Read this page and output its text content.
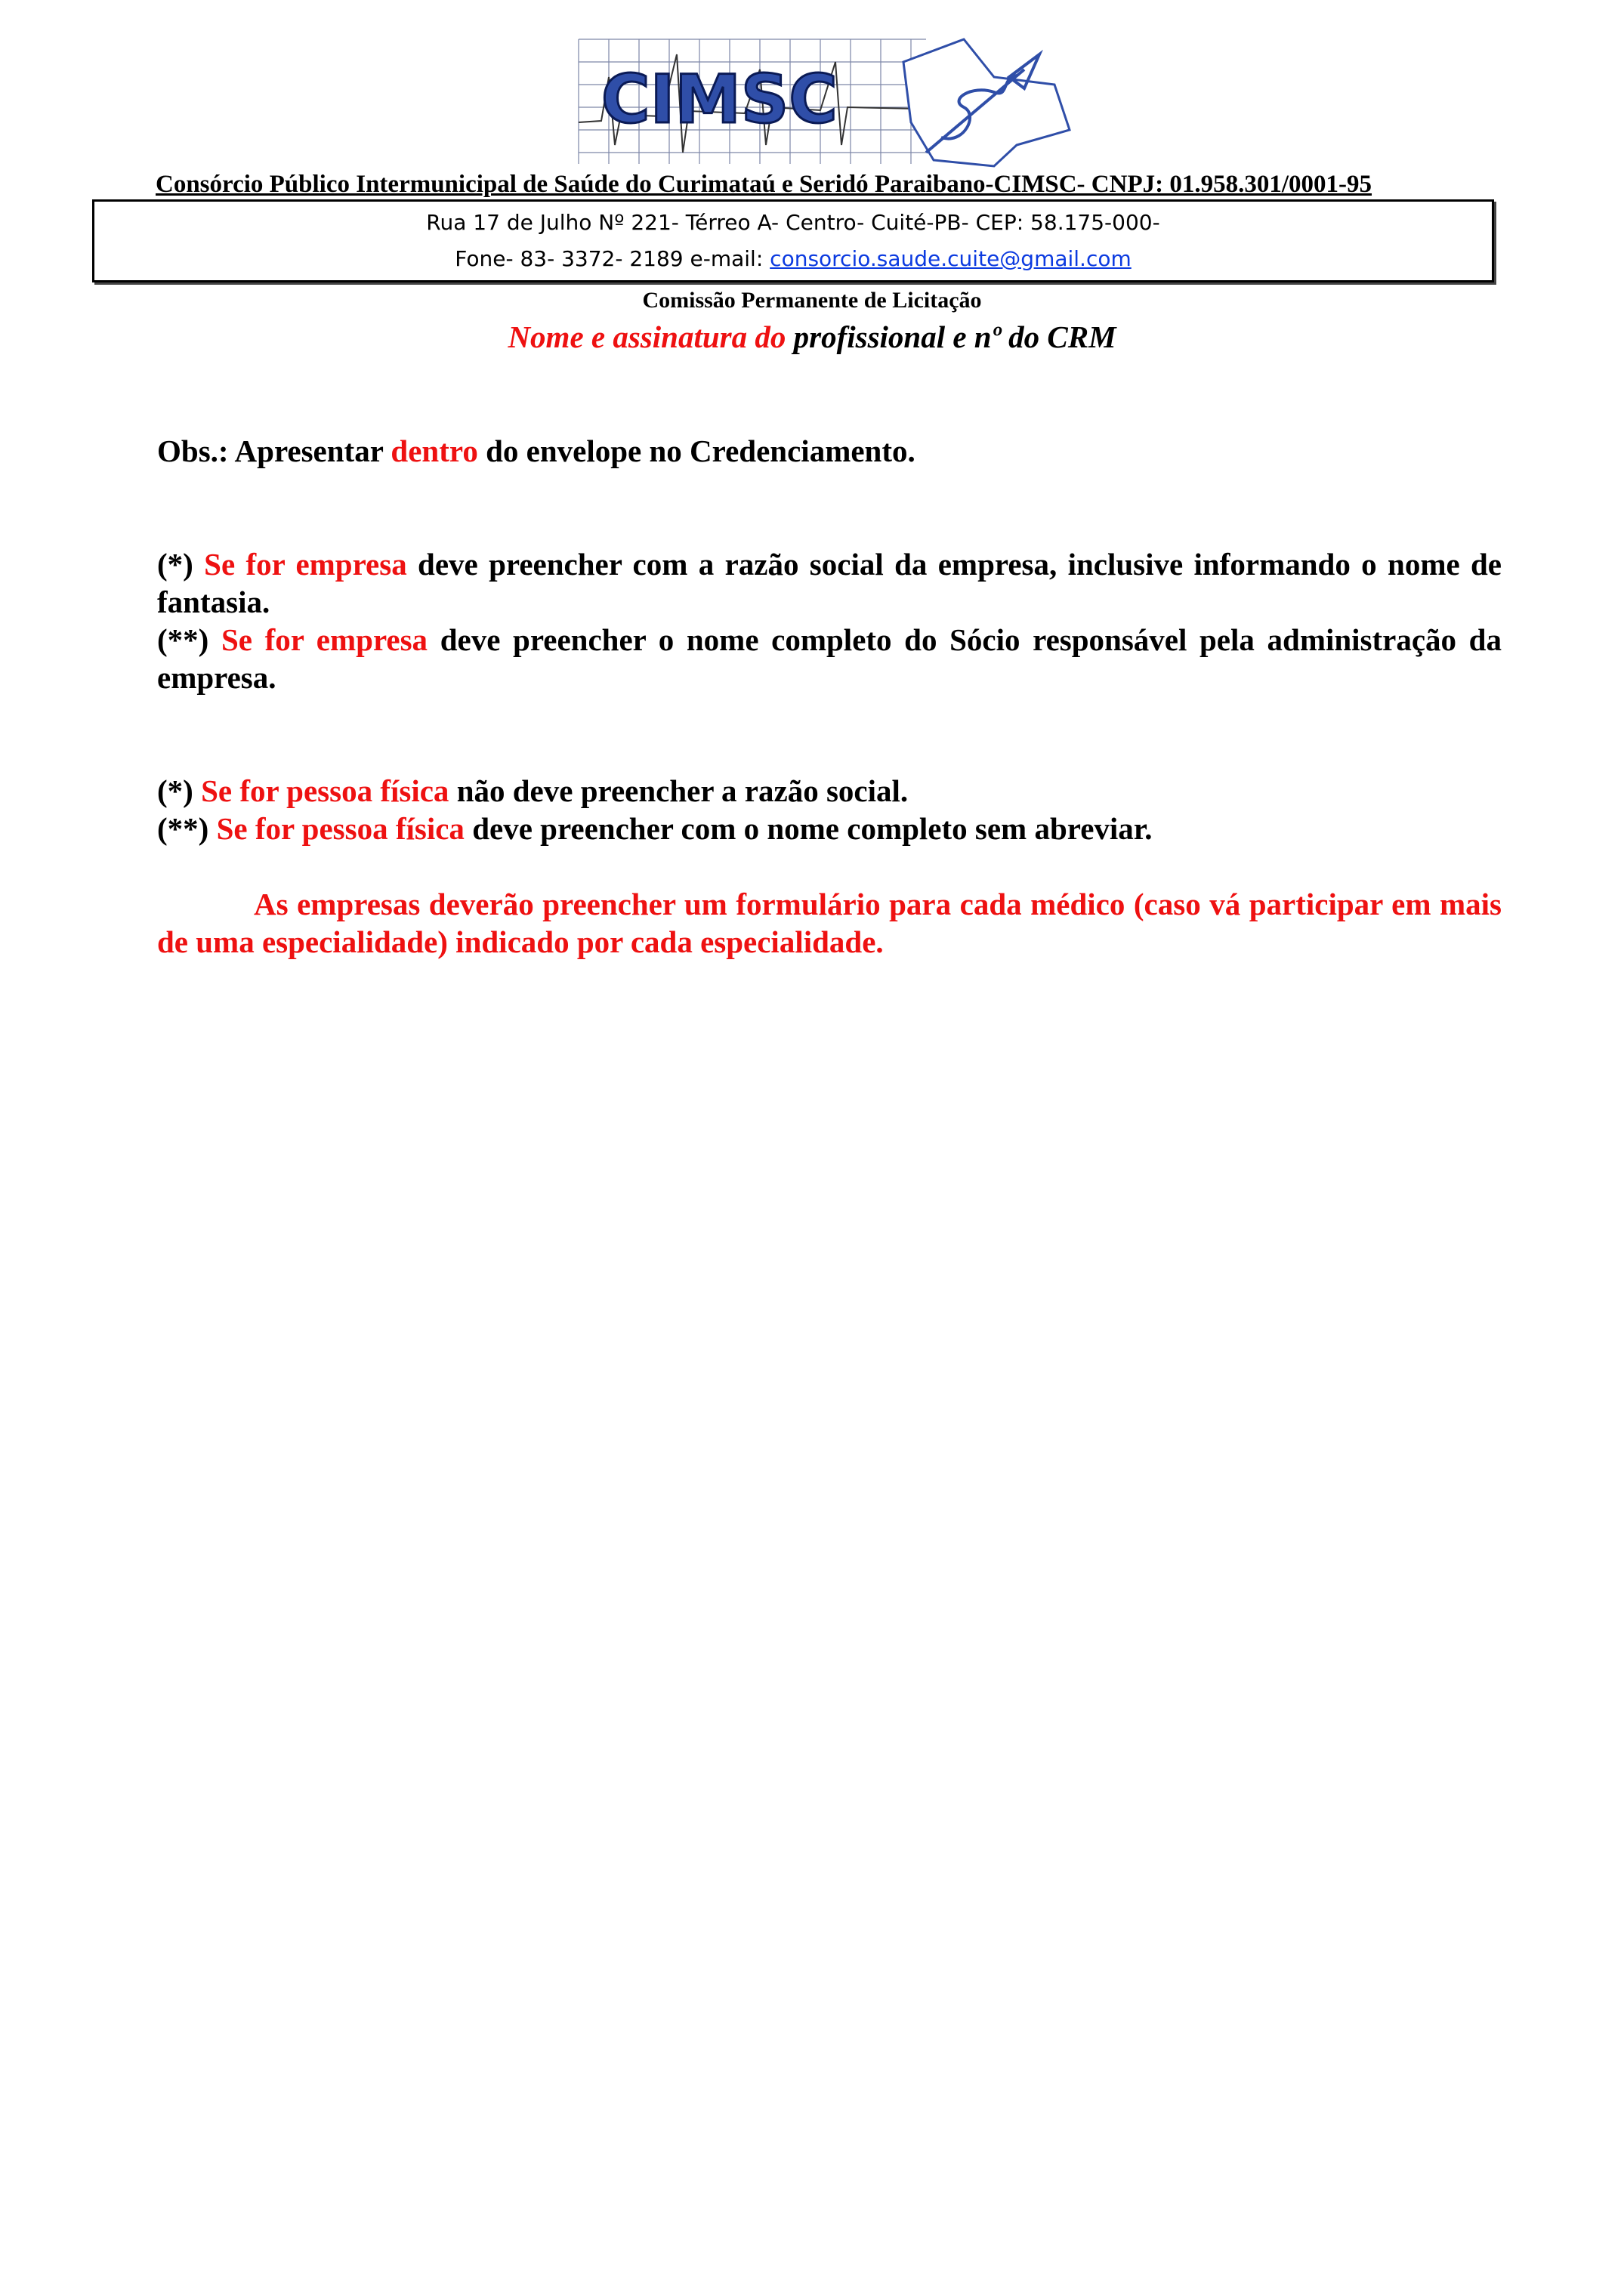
CIMSC
Consórcio Público Intermunicipal de Saúde do Curimataú e Seridó Paraibano-CIMSC- CNPJ: 01.958.301/0001-95
Rua 17 de Julho Nº 221- Térreo A- Centro- Cuité-PB- CEP: 58.175-000-
Fone- 83- 3372- 2189 e-mail: consorcio.saude.cuite@gmail.com
Comissão Permanente de Licitação
Nome e assinatura do profissional e nº do CRM
Obs.: Apresentar dentro do envelope no Credenciamento.
(*) Se for empresa deve preencher com a razão social da empresa, inclusive informando o nome de fantasia.
(**) Se for empresa deve preencher o nome completo do Sócio responsável pela administração da empresa.
(*) Se for pessoa física não deve preencher a razão social.
(**) Se for pessoa física deve preencher com o nome completo sem abreviar.
As empresas deverão preencher um formulário para cada médico (caso vá participar em mais de uma especialidade) indicado por cada especialidade.
